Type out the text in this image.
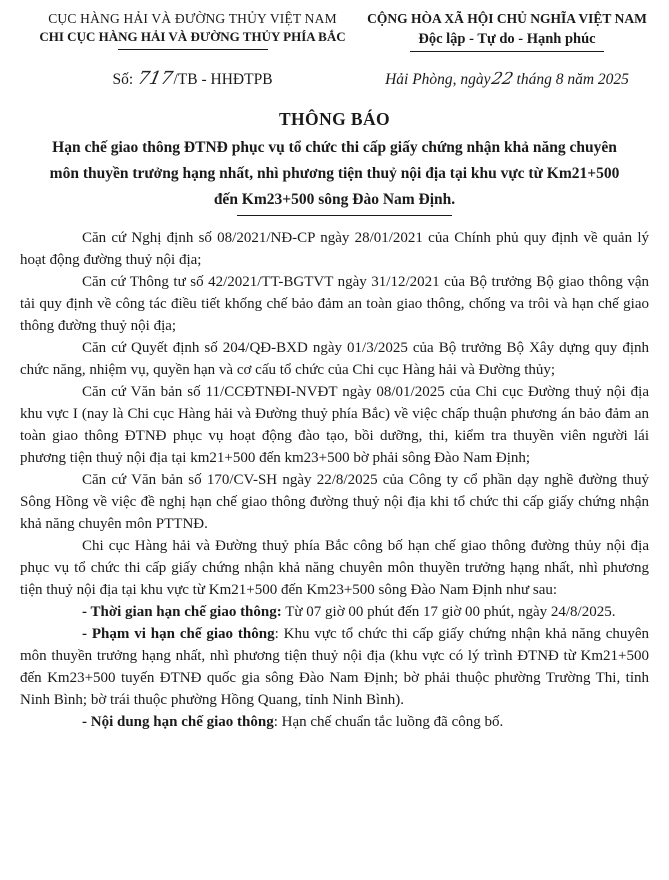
CỤC HÀNG HẢI VÀ ĐƯỜNG THỦY VIỆT NAM
CHI CỤC HÀNG HẢI VÀ ĐƯỜNG THỦY PHÍA BẮC
CỘNG HÒA XÃ HỘI CHỦ NGHĨA VIỆT NAM
Độc lập - Tự do - Hạnh phúc
Số: 717/TB - HHĐTPB	Hải Phòng, ngày22 tháng 8 năm 2025
THÔNG BÁO
Hạn chế giao thông ĐTNĐ phục vụ tổ chức thi cấp giấy chứng nhận khả năng chuyên môn thuyền trưởng hạng nhất, nhì phương tiện thuỷ nội địa tại khu vực từ Km21+500 đến Km23+500 sông Đào Nam Định.

Căn cứ Nghị định số 08/2021/NĐ-CP ngày 28/01/2021 của Chính phủ quy định về quản lý hoạt động đường thuỷ nội địa;

Căn cứ Thông tư số 42/2021/TT-BGTVT ngày 31/12/2021 của Bộ trưởng Bộ giao thông vận tải quy định về công tác điều tiết khống chế bảo đảm an toàn giao thông, chống va trôi và hạn chế giao thông đường thuỷ nội địa;

Căn cứ Quyết định số 204/QĐ-BXD ngày 01/3/2025 của Bộ trưởng Bộ Xây dựng quy định chức năng, nhiệm vụ, quyền hạn và cơ cấu tổ chức của Chi cục Hàng hải và Đường thủy;

Căn cứ Văn bản số 11/CCĐTNĐI-NVĐT ngày 08/01/2025 của Chi cục Đường thuỷ nội địa khu vực I (nay là Chi cục Hàng hải và Đường thuỷ phía Bắc) về việc chấp thuận phương án bảo đảm an toàn giao thông ĐTNĐ phục vụ hoạt động đào tạo, bồi dưỡng, thi, kiểm tra thuyền viên người lái phương tiện thuỷ nội địa tại km21+500 đến km23+500 bờ phải sông Đào Nam Định;

Căn cứ Văn bản số 170/CV-SH ngày 22/8/2025 của Công ty cổ phần dạy nghề đường thuỷ Sông Hồng về việc đề nghị hạn chế giao thông đường thuỷ nội địa khi tổ chức thi cấp giấy chứng nhận khả năng chuyên môn PTTNĐ.

Chi cục Hàng hải và Đường thuỷ phía Bắc công bố hạn chế giao thông đường thủy nội địa phục vụ tổ chức thi cấp giấy chứng nhận khả năng chuyên môn thuyền trưởng hạng nhất, nhì phương tiện thuỷ nội địa tại khu vực từ Km21+500 đến Km23+500 sông Đào Nam Định như sau:

- Thời gian hạn chế giao thông: Từ 07 giờ 00 phút đến 17 giờ 00 phút, ngày 24/8/2025.

- Phạm vi hạn chế giao thông: Khu vực tổ chức thi cấp giấy chứng nhận khả năng chuyên môn thuyền trưởng hạng nhất, nhì phương tiện thuỷ nội địa (khu vực có lý trình ĐTNĐ từ Km21+500 đến Km23+500 tuyến ĐTNĐ quốc gia sông Đào Nam Định; bờ phải thuộc phường Trường Thi, tỉnh Ninh Bình; bờ trái thuộc phường Hồng Quang, tỉnh Ninh Bình).

- Nội dung hạn chế giao thông: Hạn chế chuẩn tắc luồng đã công bố.
